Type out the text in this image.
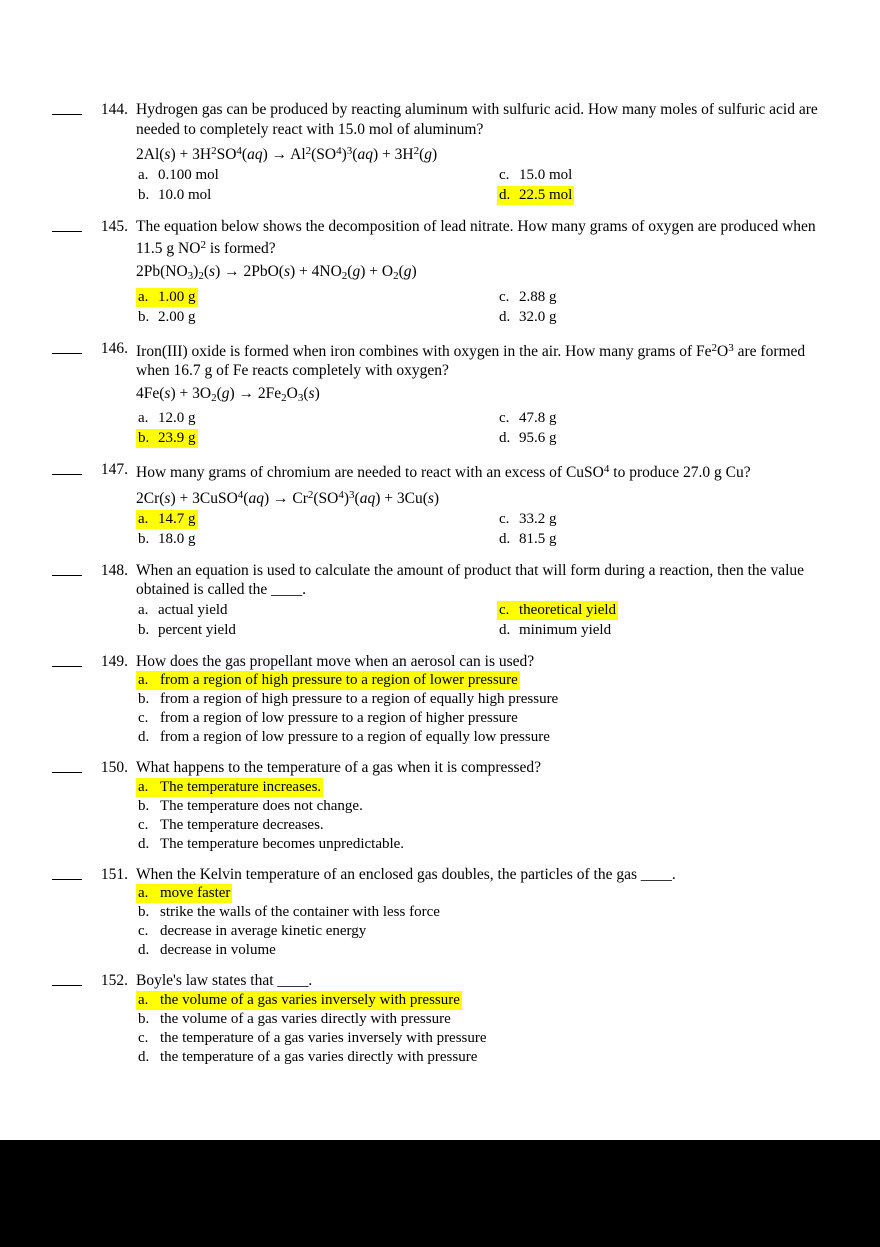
144. Hydrogen gas can be produced by reacting aluminum with sulfuric acid. How many moles of sulfuric acid are needed to completely react with 15.0 mol of aluminum?
$2Al(s) + 3H^2SO^4(aq) \to Al^2(SO^4)^3(aq) + 3H^2(g)$
a. 0.100 mol
b. 10.0 mol
c. 15.0 mol
d. 22.5 mol
145. The equation below shows the decomposition of lead nitrate. How many grams of oxygen are produced when 11.5 g $NO^2$ is formed?
$2Pb(NO_3)_2(s) \to 2PbO(s) + 4NO_2(g) + O_2(g)$
a. 1.00 g
b. 2.00 g
c. 2.88 g
d. 32.0 g
146. Iron(III) oxide is formed when iron combines with oxygen in the air. How many grams of $Fe^2O^3$ are formed when 16.7 g of Fe reacts completely with oxygen?
$4Fe(s) + 3O_2(g) \to 2Fe_2O_3(s)$
a. 12.0 g
b. 23.9 g
c. 47.8 g
d. 95.6 g
147. How many grams of chromium are needed to react with an excess of CuSO$^4$ to produce 27.0 g Cu?
2Cr(s) + 3CuSO$^4$(aq) → $Cr^2(SO^4)^3(aq) + 3Cu(s)$
a. 14.7 g
b. 18.0 g
c. 33.2 g
d. 81.5 g
148. When an equation is used to calculate the amount of product that will form during a reaction, then the value obtained is called the ____.
a. actual yield
b. percent yield
c. theoretical yield
d. minimum yield
149. How does the gas propellant move when an aerosol can is used?
a. from a region of high pressure to a region of lower pressure
b. from a region of high pressure to a region of equally high pressure
c. from a region of low pressure to a region of higher pressure
d. from a region of low pressure to a region of equally low pressure
150. What happens to the temperature of a gas when it is compressed?
a. The temperature increases.
b. The temperature does not change.
c. The temperature decreases.
d. The temperature becomes unpredictable.
151. When the Kelvin temperature of an enclosed gas doubles, the particles of the gas ____.
a. move faster
b. strike the walls of the container with less force
c. decrease in average kinetic energy
d. decrease in volume
152. Boyle's law states that ____.
a. the volume of a gas varies inversely with pressure
b. the volume of a gas varies directly with pressure
c. the temperature of a gas varies inversely with pressure
d. the temperature of a gas varies directly with pressure
